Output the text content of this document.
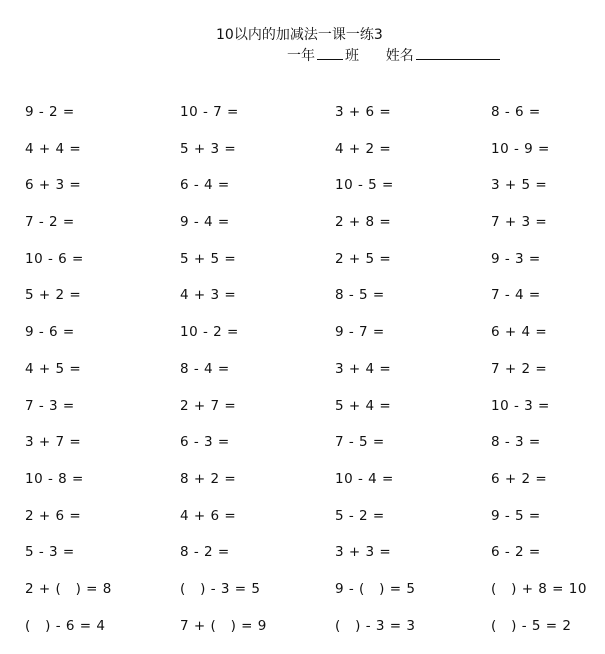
10以内的加减法一课一练3
一年 班 姓名
9 - 2 =	10 - 7 =	3 + 6 =	8 - 6 =
4 + 4 =	5 + 3 =	4 + 2 =	10 - 9 =
6 + 3 =	6 - 4 =	10 - 5 =	3 + 5 =
7 - 2 =	9 - 4 =	2 + 8 =	7 + 3 =
10 - 6 =	5 + 5 =	2 + 5 =	9 - 3 =
5 + 2 =	4 + 3 =	8 - 5 =	7 - 4 =
9 - 6 =	10 - 2 =	9 - 7 =	6 + 4 =
4 + 5 =	8 - 4 =	3 + 4 =	7 + 2 =
7 - 3 =	2 + 7 =	5 + 4 =	10 - 3 =
3 + 7 =	6 - 3 =	7 - 5 =	8 - 3 =
10 - 8 =	8 + 2 =	10 - 4 =	6 + 2 =
2 + 6 =	4 + 6 =	5 - 2 =	9 - 5 =
5 - 3 =	8 - 2 =	3 + 3 =	6 - 2 =
2 + (   ) = 8	(   ) - 3 = 5	9 - (   ) = 5	(   ) + 8 = 10
(   ) - 6 = 4	7 + (   ) = 9	(   ) - 3 = 3	(   ) - 5 = 2
